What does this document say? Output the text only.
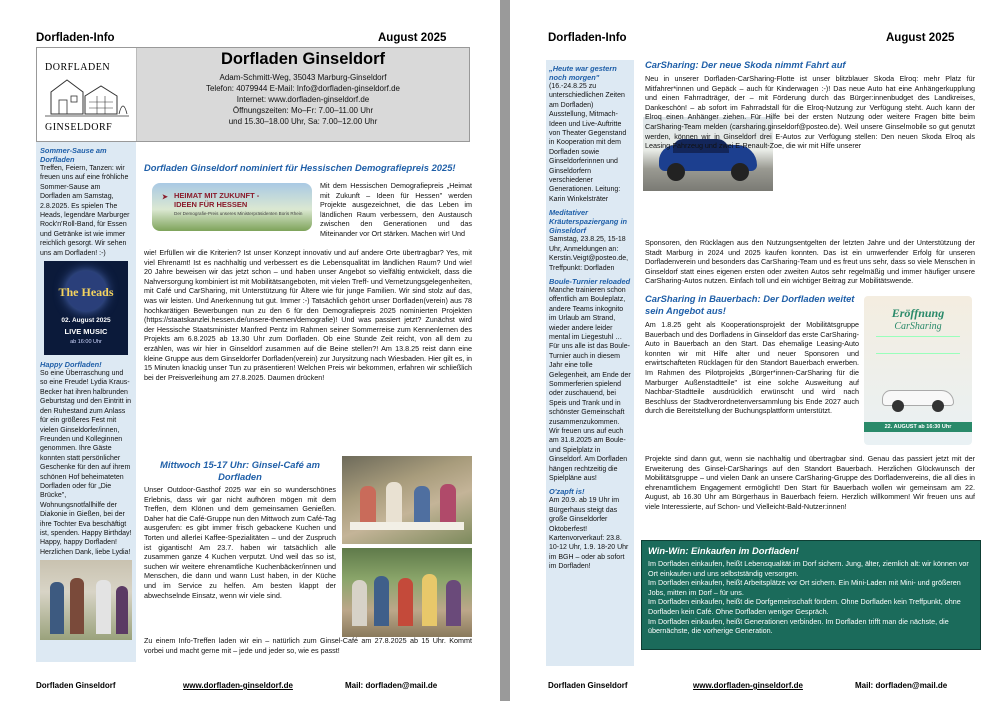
Dorfladen-Info	August 2025
DORFLADEN
GINSELDORF
Dorfladen Ginseldorf
Adam-Schmitt-Weg, 35043 Marburg-Ginseldorf
Telefon: 4079944 E-Mail: Info@dorfladen-ginseldorf.de
Internet: www.dorfladen-ginseldorf.de
Öffnungszeiten: Mo–Fr: 7.00–11.00 Uhr
und 15.30–18.00 Uhr, Sa: 7.00–12.00 Uhr
Sommer-Sause am Dorfladen

Treffen, Feiern, Tanzen: wir freuen uns auf eine fröhliche Sommer-Sause am Dorfladen am Samstag, 2.8.2025. Es spielen The Heads, legendäre Marburger Rock'n'Roll-Band, für Essen und Getränke ist wie immer reichlich gesorgt. Wir sehen uns am Dorfladen! :-)

The Heads
02. August 2025
LIVE MUSIC
ab 16:00 Uhr
Happy Dorfladen!

So eine Überraschung und so eine Freude! Lydia Kraus-Becker hat ihren halbrunden Geburtstag und den Eintritt in den Ruhestand zum Anlass für ein größeres Fest mit vielen Ginseldorfer/innen, Freunden und Kolleginnen genommen. Ihre Gäste konnten statt persönlicher Geschenke für den auf ihrem schönen Hof beheimateten Dorfladen oder für „Die Brücke", Wohnungsnotfallhilfe der Diakonie in Gießen, bei der ihre Tochter Eva beschäftigt ist, spenden. Happy Birthday! Happy, happy Dorfladen! Herzlichen Dank, liebe Lydia!

Dorfladen Ginseldorf nominiert für Hessischen Demografiepreis 2025!
➤ HEIMAT MIT ZUKUNFT -
IDEEN FÜR HESSEN
Der Demografie-Preis unseres Ministerpräsidenten Boris Rhein

Mit dem Hessischen Demografiepreis „Heimat mit Zukunft – Ideen für Hessen" werden Projekte ausgezeichnet, die das Leben im ländlichen Raum verbessern, den Austausch zwischen den Generationen und das Miteinander vor Ort stärken. Machen wir! Und

wie! Erfüllen wir die Kriterien? Ist unser Konzept innovativ und auf andere Orte übertragbar? Yes, mit viel Ehrenamt! Ist es nachhaltig und verbessert es die Lebensqualität im ländlichen Raum? Und wie! 20 Jahre beweisen wir das jetzt schon – und haben unser Angebot so vielfältig entwickelt, dass die Nahversorgung kombiniert ist mit Mobilitätsangeboten, mit vielen Treff- und Vernetzungsgelegenheiten, mit Café und CarSharing, mit Unterstützung für Ältere wie für junge Familien. Wir sind stolz auf das, was wir leisten. Und Anerkennung tut gut. Immer :-) Tatsächlich gehört unser Dorfladen(verein) aus 78 hochkarätigen Bewerbungen nun zu den 6 für den Demografiepreis 2025 nominierten Projekten (https://staatskanzlei.hessen.de/unsere-themen/demografie)! Und was passiert jetzt? Zunächst wird der Hessische Staatsminister Manfred Pentz im Rahmen seiner Sommerreise zum Kennenlernen des Projekts am 6.8.2025 ab 13.30 Uhr zum Dorfladen. Ob eine Stunde Zeit reicht, von all dem zu erzählen, was wir hier in Ginseldorf zusammen auf die Beine stellen?! Am 13.8.25 reist dann eine kleine Gruppe aus dem Ginseldorfer Dorfladen(verein) zur Jurysitzung nach Wiesbaden. Hier gilt es, in 15 Minuten knackig unser Tun zu präsentieren! Welchen Preis wir bekommen, erfahren wir schließlich bei der Preisverleihung am 27.8.2025. Daumen drücken!

Mittwoch 15-17 Uhr: Ginsel-Café am Dorfladen

Unser Outdoor-Gasthof 2025 war ein so wunderschönes Erlebnis, dass wir gar nicht aufhören mögen mit dem Treffen, dem Klönen und dem gemeinsamen Genießen. Daher hat die Café-Gruppe nun den Mittwoch zum Café-Tag ausgerufen: es gibt immer frisch gebackene Kuchen und Torten und allerlei Kaffee-Spezialitäten – und der Zuspruch ist gigantisch! Am 23.7. haben wir tatsächlich alle zusammen ganze 4 Kuchen verputzt. Und weil das so ist, suchen wir weitere ehrenamtliche Kuchenbäcker/innen und Menschen, die dann und wann Lust haben, in der Küche und im Service zu helfen. Am besten klappt der abwechselnde Einsatz, wenn wir viele sind.

Zu einem Info-Treffen laden wir ein – natürlich zum Ginsel-Café am 27.8.2025 ab 15 Uhr. Kommt vorbei und macht gerne mit – jede und jeder so, wie es passt!

Dorfladen Ginseldorf	www.dorfladen-ginseldorf.de	Mail: dorfladen@mail.de
Dorfladen-Info	August 2025
„Heute war gestern noch morgen"

(16.-24.8.25 zu unterschiedlichen Zeiten am Dorfladen) Ausstellung, Mitmach-Ideen und Live-Auftritte von Theater Gegenstand in Kooperation mit dem Dorfladen sowie Ginseldorferinnen und Ginseldorfern verschiedener Generationen. Leitung: Karin Winkelsträter

Meditativer Kräuterspaziergang in Ginseldorf

Samstag, 23.8.25, 15-18 Uhr, Anmeldungen an: Kerstin.Veigt@posteo.de, Treffpunkt: Dorfladen

Boule-Turnier reloaded

Manche trainieren schon offentlich am Bouleplatz, andere Teams inkognito im Urlaub am Strand, wieder andere leider mental im Liegestuhl … Für uns alle ist das Boule-Turnier auch in diesem Jahr eine tolle Gelegenheit, am Ende der Sommerferien spielend oder zuschauend, bei Speis und Trank und in schönster Gemeinschaft zusammenzukommen. Wir freuen uns auf euch am 31.8.2025 am Boule- und Spielplatz in Ginseldorf. Am Dorfladen hängen rechtzeitig die Spielpläne aus!

O'zapft is!

Am 20.9. ab 19 Uhr im Bürgerhaus steigt das große Ginseldorfer Oktoberfest! Kartenvorverkauf: 23.8. 10-12 Uhr, 1.9. 18-20 Uhr im BGH – oder ab sofort im Dorfladen!

CarSharing: Der neue Skoda nimmt Fahrt auf

Neu in unserer Dorfladen-CarSharing-Flotte ist unser blitzblauer Skoda Elroq: mehr Platz für Mitfahrer*innen und Gepäck – auch für Kinderwagen :-)! Das neue Auto hat eine Anhängerkupplung und einen Fahrradträger, der – mit Förderung durch das Bürger:innenbudget des Landkreises, Dankeschön! – ab sofort im Fahrradstall für die Elroq-Nutzung zur Verfügung steht. Auch kann der Elroq einen Anhänger ziehen. Für Hilfe bei der ersten Nutzung oder weitere Fragen bitte beim CarSharing-Team melden (carsharing.ginseldorf@posteo.de). Weil unsere Ginselmobile so gut genutzt werden, können wir in Ginseldorf drei E-Autos zur Verfügung stellen: Den neuen Skoda Elroq als Leasing-Fahrzeug und zwei E-Renault-Zoe, die wir mit Hilfe unserer

Sponsoren, den Rücklagen aus den Nutzungsentgelten der letzten Jahre und der Unterstützung der Stadt Marburg in 2024 und 2025 kaufen konnten. Das ist ein umwerfender Erfolg für unseren Dorfladenverein und besonders das CarSharing-Team und es freut uns sehr, dass so viele Menschen in Ginseldorf statt eines eigenen ersten oder zweiten Autos sehr regelmäßig und immer häufiger unsere CarSharing-Autos nutzen. Einfach toll und ein wichtiger Beitrag zur Mobilitätswende.

CarSharing in Bauerbach: Der Dorfladen weitet sein Angebot aus!

Am 1.8.25 geht als Kooperationsprojekt der Mobilitätsgruppe Bauerbach und des Dorfladens in Ginseldorf das erste CarSharing-Auto in Bauerbach an den Start. Das ehemalige Leasing-Auto konnten wir mit Hilfe alter und neuer Sponsoren und erwirtschafteten Rücklagen für den Standort Bauerbach erwerben. Im Rahmen des Pilotprojekts „Bürger*innen-CarSharing für die Marburger Außenstadtteile" ist eine solche Ausweitung auf Nachbar-Stadtteile ausdrücklich erwünscht und wird nach Beschluss der Stadtverordnetenversammlung bis Ende 2027 auch durch die Bereitstellung der Buchungsplattform unterstützt.

Eröffnung
CarSharing
22. AUGUST ab 16:30 Uhr

Projekte sind dann gut, wenn sie nachhaltig und übertragbar sind. Genau das passiert jetzt mit der Erweiterung des Ginsel-CarSharings auf den Standort Bauerbach. Herzlichen Glückwunsch der Mobilitätsgruppe – und vielen Dank an unsere CarSharing-Gruppe des Dorfladenvereins, die all dies in ehrenamtlichem Engagement ermöglicht! Den Start für Bauerbach wollen wir gemeinsam am 22. August, ab 16.30 Uhr am Bürgerhaus in Bauerbach feiern. Herzlich willkommen! Wir freuen uns auf viele Interessierte, auf Schon- und Vielleicht-Bald-Nutzer:innen!

Win-Win: Einkaufen im Dorfladen!
Im Dorfladen einkaufen, heißt Lebensqualität im Dorf sichern. Jung, älter, ziemlich alt: wir können vor Ort einkaufen und uns selbstständig versorgen.
Im Dorfladen einkaufen, heißt Arbeitsplätze vor Ort sichern. Ein Mini-Laden mit Mini- und größeren Jobs, mitten im Dorf – für uns.
Im Dorfladen einkaufen, heißt die Dorfgemeinschaft fördern. Ohne Dorfladen kein Treffpunkt, ohne Dorfladen kein Café. Ohne Dorfladen weniger Gespräch.
Im Dorfladen einkaufen, heißt Generationen verbinden. Im Dorfladen trifft man die nächste, die übernächste, die vorherige Generation.
Dorfladen Ginseldorf	www.dorfladen-ginseldorf.de	Mail: dorfladen@mail.de
